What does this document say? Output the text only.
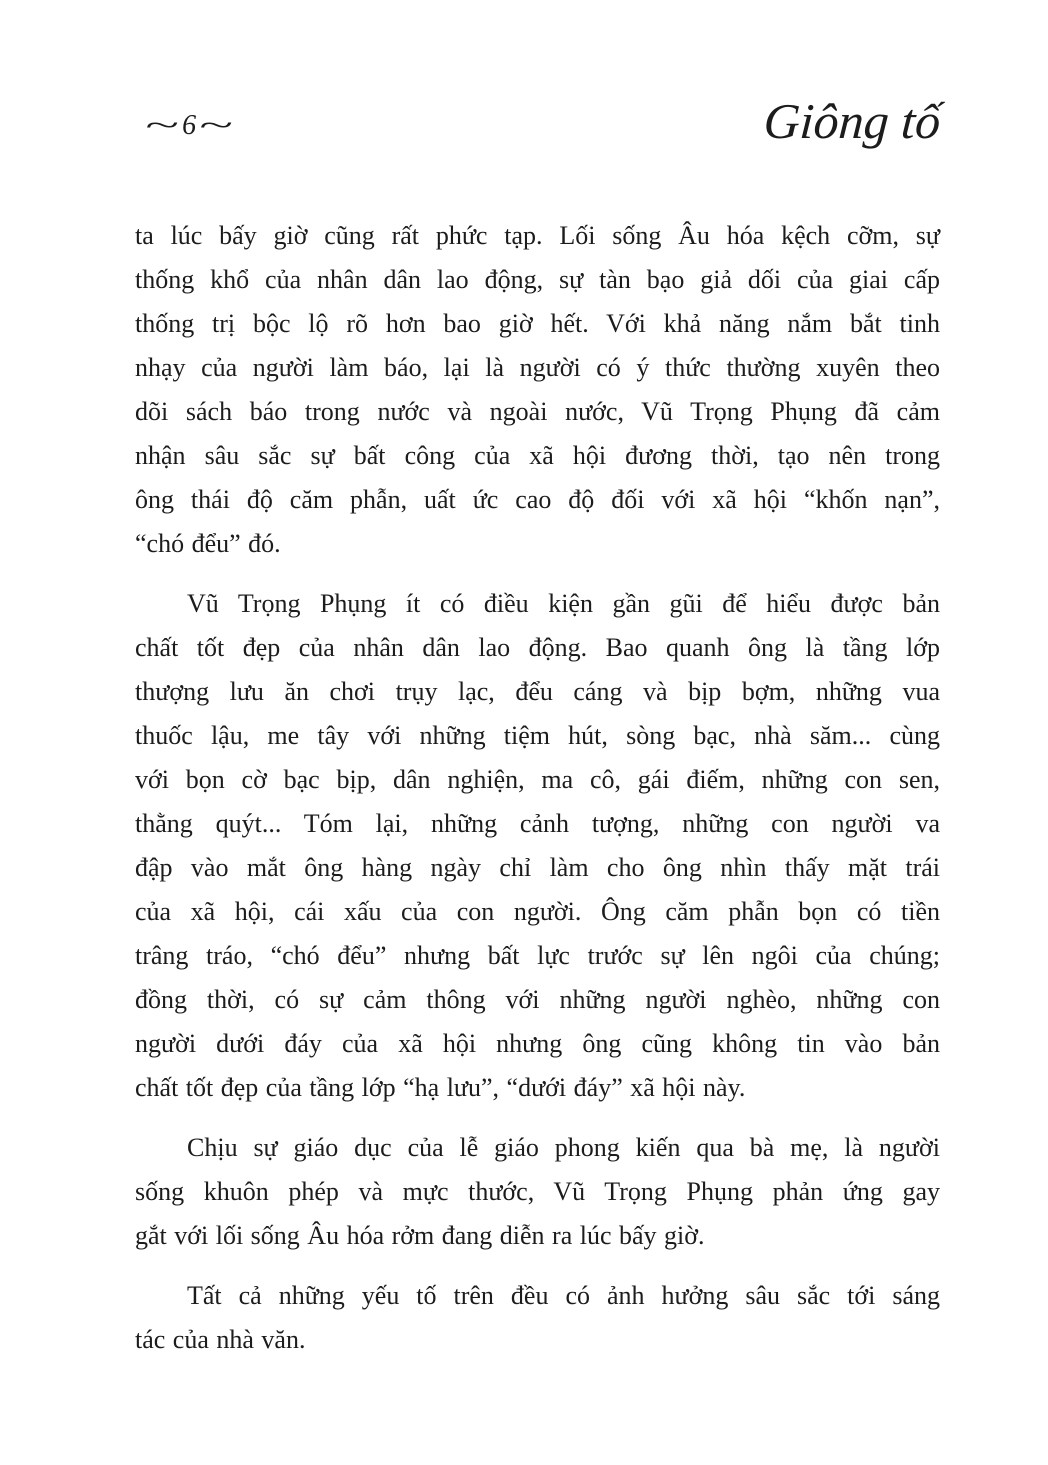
~6~	Giông tố
ta lúc bấy giờ cũng rất phức tạp. Lối sống Âu hóa kệch cỡm, sự
thống khổ của nhân dân lao động, sự tàn bạo giả dối của giai cấp
thống trị bộc lộ rõ hơn bao giờ hết. Với khả năng nắm bắt tinh
nhạy của người làm báo, lại là người có ý thức thường xuyên theo
dõi sách báo trong nước và ngoài nước, Vũ Trọng Phụng đã cảm
nhận sâu sắc sự bất công của xã hội đương thời, tạo nên trong
ông thái độ căm phẫn, uất ức cao độ đối với xã hội “khốn nạn”,
“chó đểu” đó.
Vũ Trọng Phụng ít có điều kiện gần gũi để hiểu được bản
chất tốt đẹp của nhân dân lao động. Bao quanh ông là tầng lớp
thượng lưu ăn chơi trụy lạc, đểu cáng và bịp bợm, những vua
thuốc lậu, me tây với những tiệm hút, sòng bạc, nhà săm... cùng
với bọn cờ bạc bịp, dân nghiện, ma cô, gái điếm, những con sen,
thằng quýt... Tóm lại, những cảnh tượng, những con người va
đập vào mắt ông hàng ngày chỉ làm cho ông nhìn thấy mặt trái
của xã hội, cái xấu của con người. Ông căm phẫn bọn có tiền
trâng tráo, “chó đểu” nhưng bất lực trước sự lên ngôi của chúng;
đồng thời, có sự cảm thông với những người nghèo, những con
người dưới đáy của xã hội nhưng ông cũng không tin vào bản
chất tốt đẹp của tầng lớp “hạ lưu”, “dưới đáy” xã hội này.
Chịu sự giáo dục của lễ giáo phong kiến qua bà mẹ, là người
sống khuôn phép và mực thước, Vũ Trọng Phụng phản ứng gay
gắt với lối sống Âu hóa rởm đang diễn ra lúc bấy giờ.
Tất cả những yếu tố trên đều có ảnh hưởng sâu sắc tới sáng
tác của nhà văn.
